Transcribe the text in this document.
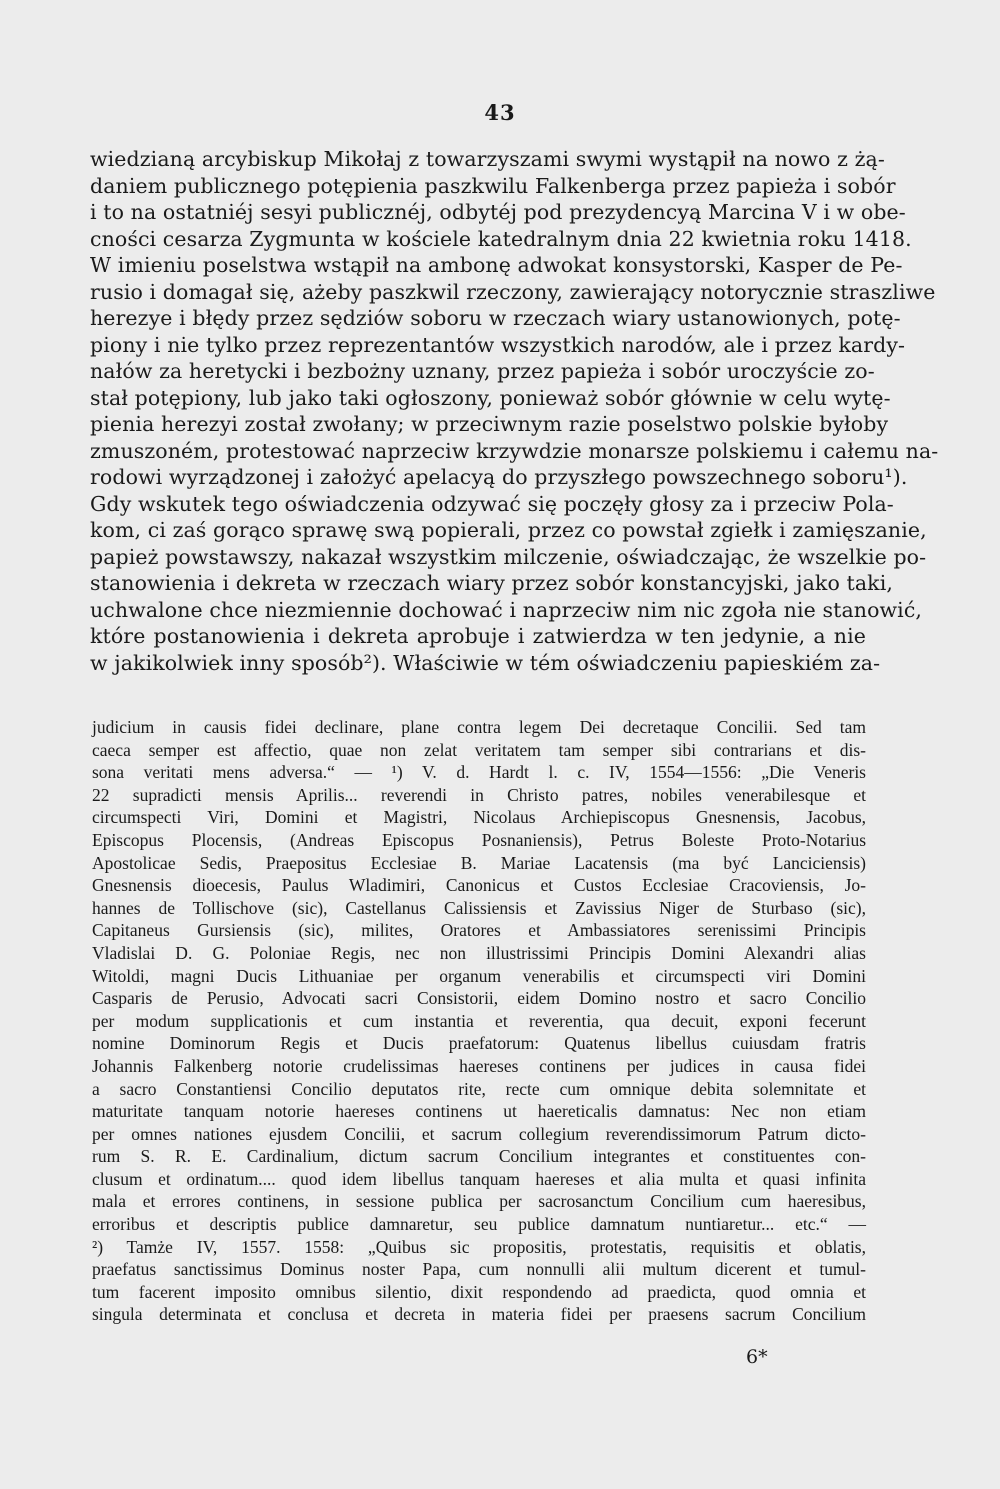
43
wiedzianą arcybiskup Mikołaj z towarzyszami swymi wystąpił na nowo z żą-
daniem publicznego potępienia paszkwilu Falkenberga przez papieża i sobór
i to na ostatniéj sesyi publicznéj, odbytéj pod prezydencyą Marcina V i w obe-
cności cesarza Zygmunta w kościele katedralnym dnia 22 kwietnia roku 1418.
W imieniu poselstwa wstąpił na ambonę adwokat konsystorski, Kasper de Pe-
rusio i domagał się, ażeby paszkwil rzeczony, zawierający notorycznie straszliwe
herezye i błędy przez sędziów soboru w rzeczach wiary ustanowionych, potę-
piony i nie tylko przez reprezentantów wszystkich narodów, ale i przez kardy-
nałów za heretycki i bezbożny uznany, przez papieża i sobór uroczyście zo-
stał potępiony, lub jako taki ogłoszony, ponieważ sobór głównie w celu wytę-
pienia herezyi został zwołany; w przeciwnym razie poselstwo polskie byłoby
zmuszoném, protestować naprzeciw krzywdzie monarsze polskiemu i całemu na-
rodowi wyrządzonej i założyć apelacyą do przyszłego powszechnego soboru¹).
Gdy wskutek tego oświadczenia odzywać się poczęły głosy za i przeciw Pola-
kom, ci zaś gorąco sprawę swą popierali, przez co powstał zgiełk i zamięszanie,
papież powstawszy, nakazał wszystkim milczenie, oświadczając, że wszelkie po-
stanowienia i dekreta w rzeczach wiary przez sobór konstancyjski, jako taki,
uchwalone chce niezmiennie dochować i naprzeciw nim nic zgoła nie stanowić,
które postanowienia i dekreta aprobuje i zatwierdza w ten jedynie, a nie
w jakikolwiek inny sposób²). Właściwie w tém oświadczeniu papieskiém za-
judicium in causis fidei declinare, plane contra legem Dei decretaque Concilii. Sed tam
caeca semper est affectio, quae non zelat veritatem tam semper sibi contrarians et dis-
sona veritati mens adversa.“ — ¹) V. d. Hardt l. c. IV, 1554—1556: „Die Veneris
22 supradicti mensis Aprilis... reverendi in Christo patres, nobiles venerabilesque et
circumspecti Viri, Domini et Magistri, Nicolaus Archiepiscopus Gnesnensis, Jacobus,
Episcopus Plocensis, (Andreas Episcopus Posnaniensis), Petrus Boleste Proto-Notarius
Apostolicae Sedis, Praepositus Ecclesiae B. Mariae Lacatensis (ma być Lanciciensis)
Gnesnensis dioecesis, Paulus Wladimiri, Canonicus et Custos Ecclesiae Cracoviensis, Jo-
hannes de Tollischove (sic), Castellanus Calissiensis et Zavissius Niger de Sturbaso (sic),
Capitaneus Gursiensis (sic), milites, Oratores et Ambassiatores serenissimi Principis
Vladislai D. G. Poloniae Regis, nec non illustrissimi Principis Domini Alexandri alias
Witoldi, magni Ducis Lithuaniae per organum venerabilis et circumspecti viri Domini
Casparis de Perusio, Advocati sacri Consistorii, eidem Domino nostro et sacro Concilio
per modum supplicationis et cum instantia et reverentia, qua decuit, exponi fecerunt
nomine Dominorum Regis et Ducis praefatorum: Quatenus libellus cuiusdam fratris
Johannis Falkenberg notorie crudelissimas haereses continens per judices in causa fidei
a sacro Constantiensi Concilio deputatos rite, recte cum omnique debita solemnitate et
maturitate tanquam notorie haereses continens ut haereticalis damnatus: Nec non etiam
per omnes nationes ejusdem Concilii, et sacrum collegium reverendissimorum Patrum dicto-
rum S. R. E. Cardinalium, dictum sacrum Concilium integrantes et constituentes con-
clusum et ordinatum.... quod idem libellus tanquam haereses et alia multa et quasi infinita
mala et errores continens, in sessione publica per sacrosanctum Concilium cum haeresibus,
erroribus et descriptis publice damnaretur, seu publice damnatum nuntiaretur... etc.“ —
²) Tamże IV, 1557. 1558: „Quibus sic propositis, protestatis, requisitis et oblatis,
praefatus sanctissimus Dominus noster Papa, cum nonnulli alii multum dicerent et tumul-
tum facerent imposito omnibus silentio, dixit respondendo ad praedicta, quod omnia et
singula determinata et conclusa et decreta in materia fidei per praesens sacrum Concilium
6*
